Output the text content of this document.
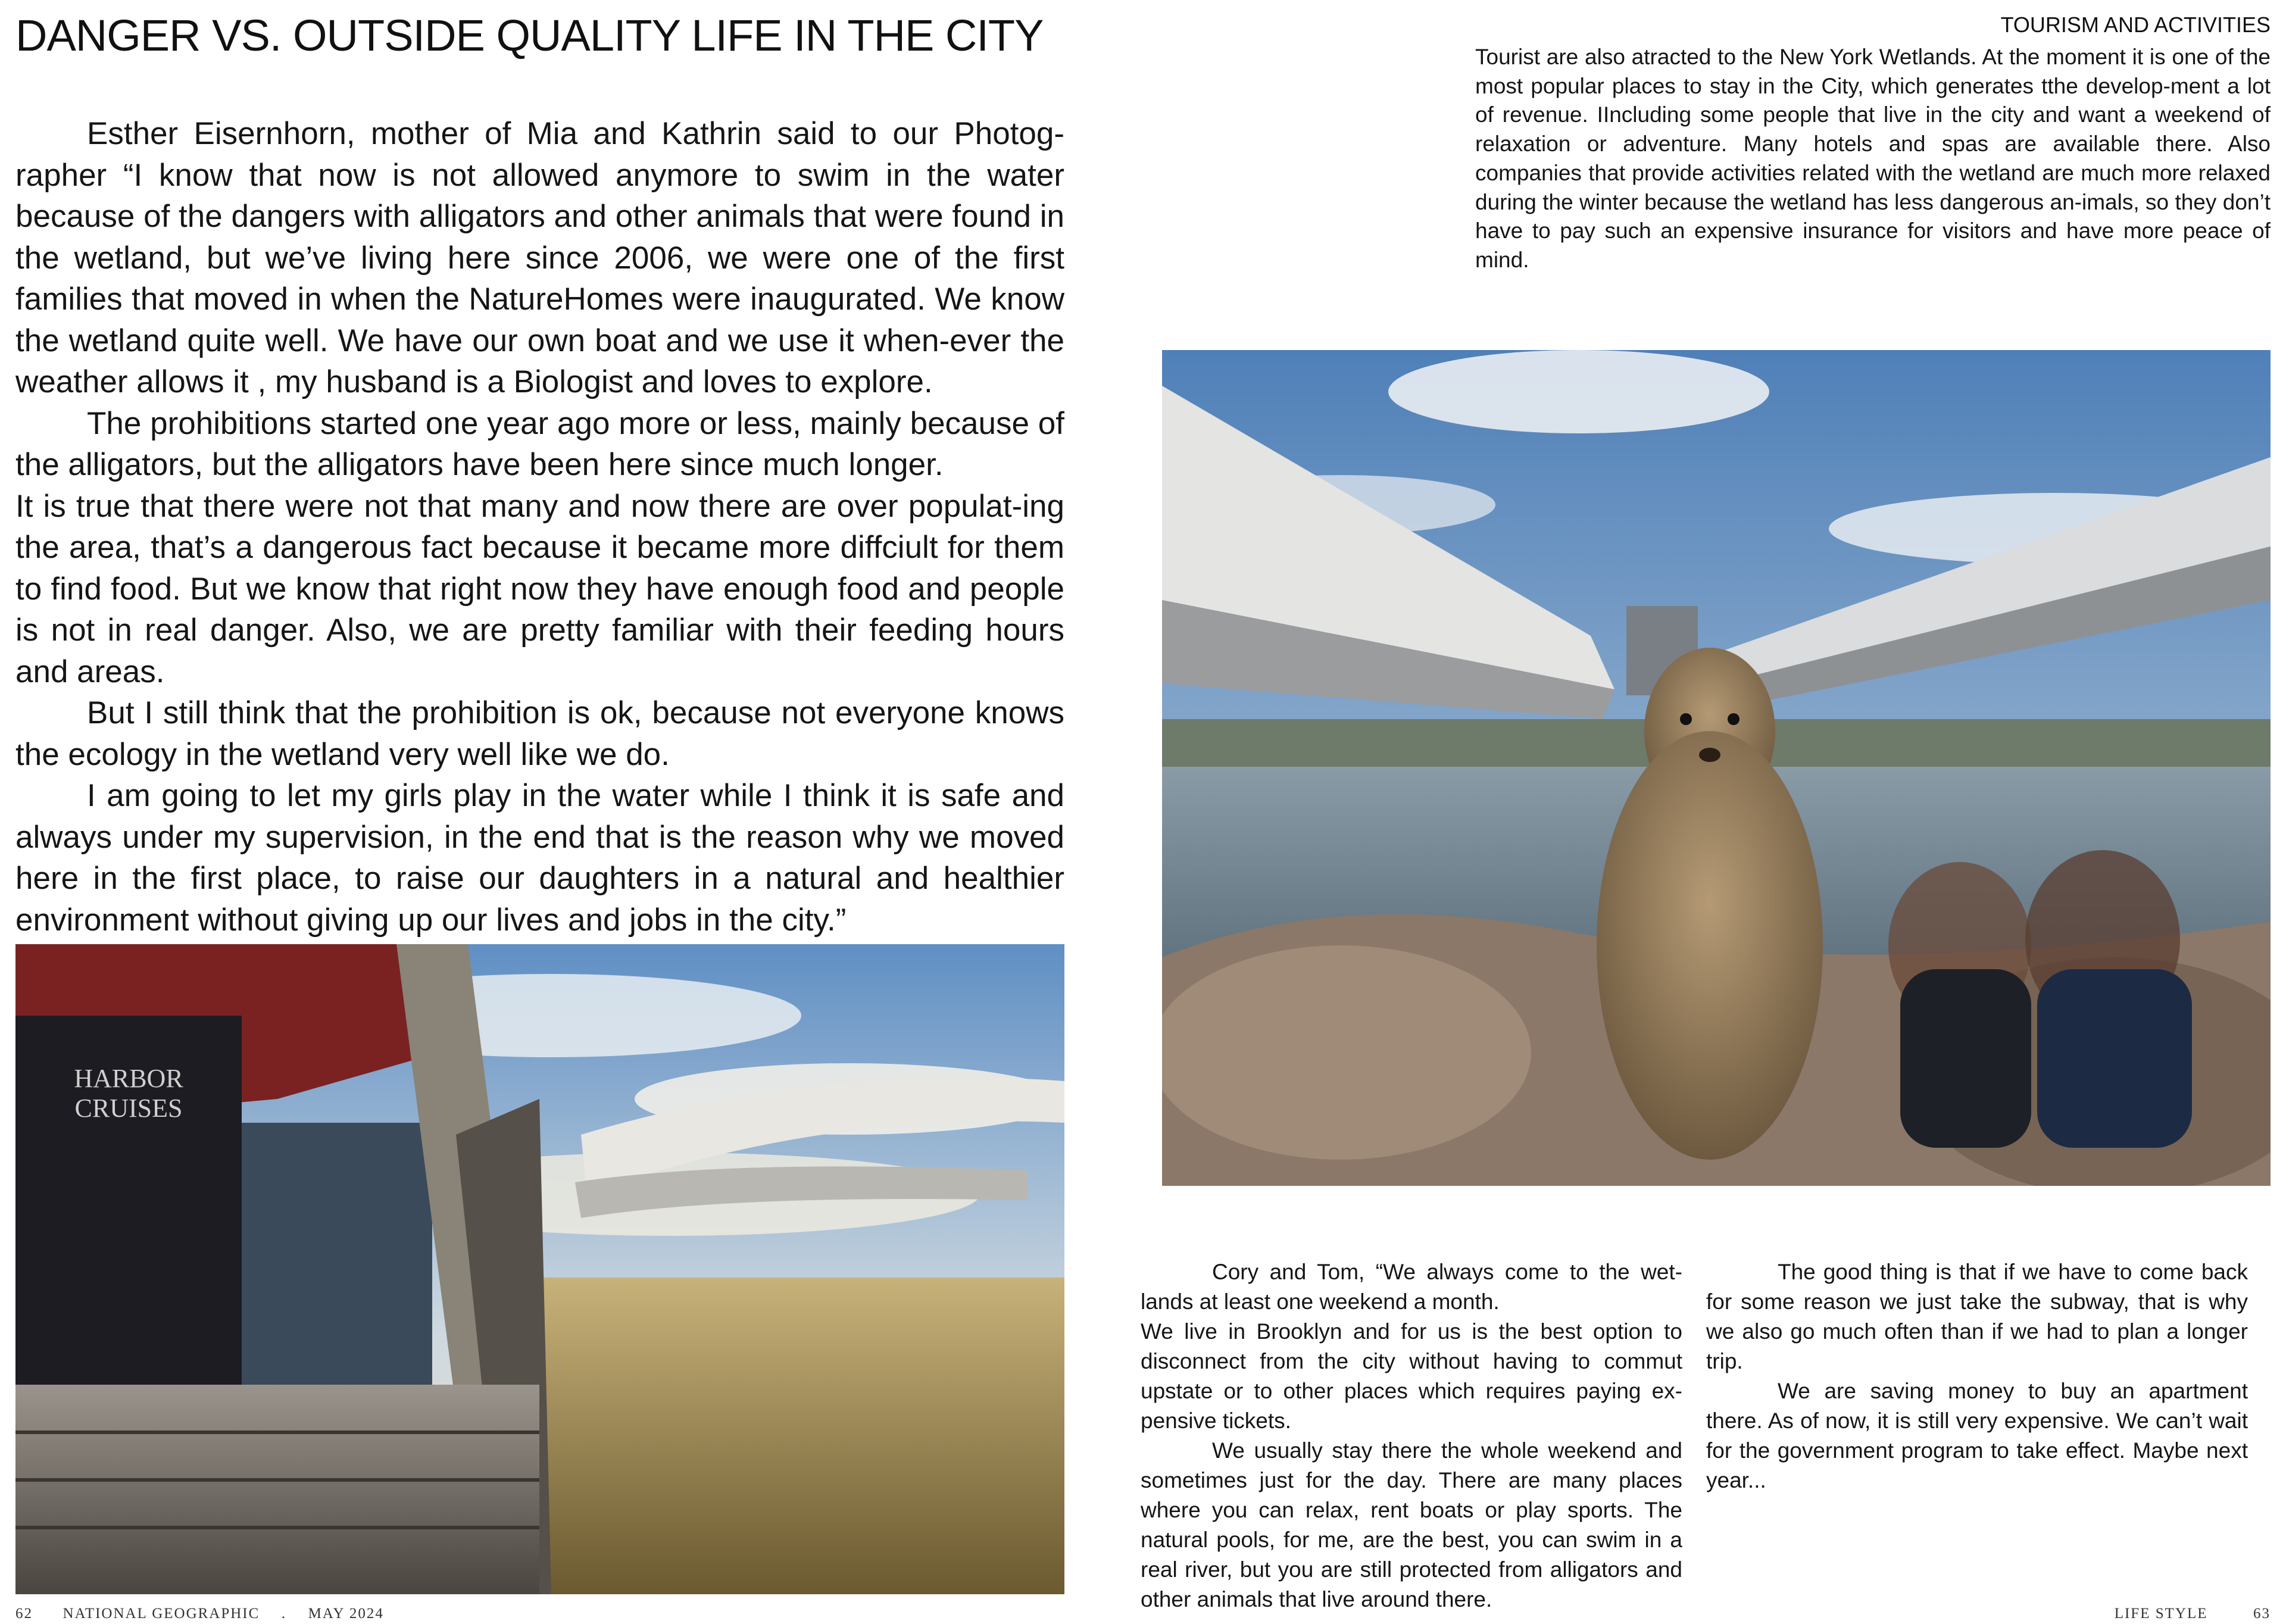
DANGER VS. OUTSIDE QUALITY LIFE IN THE CITY

Esther Eisernhorn, mother of Mia and Kathrin said to our Photog-rapher “I know that now is not allowed anymore to swim in the water because of the dangers with alligators and other animals that were found in the wetland, but we’ve living here since 2006, we were one of the first families that moved in when the NatureHomes were inaugurated. We know the wetland quite well. We have our own boat and we use it when-ever the weather allows it , my husband is a Biologist and loves to explore.

The prohibitions started one year ago more or less, mainly because of the alligators, but the alligators have been here since much longer.

It is true that there were not that many and now there are over populat-ing the area, that’s a dangerous fact because it became more diffciult for them to find food. But we know that right now they have enough food and people is not in real danger. Also, we are pretty familiar with their feeding hours and areas.

But I still think that the prohibition is ok, because not everyone knows the ecology in the wetland very well like we do.

I am going to let my girls play in the water while I think it is safe and always under my supervision, in the end that is the reason why we moved here in the first place, to raise our daughters in a natural and healthier environment without giving up our lives and jobs in the city.”

HARBOR
CRUISES
TOURISM AND ACTIVITIES
Tourist are also atracted to the New York Wetlands. At the moment it is one of the most popular places to stay in the City, which generates tthe develop-ment a lot of revenue. IIncluding some people that live in the city and want a weekend of relaxation or adventure. Many hotels and spas are available there. Also companies that provide activities related with the wetland are much more relaxed during the winter because the wetland has less dangerous an-imals, so they don’t have to pay such an expensive insurance for visitors and have more peace of mind.

Cory and Tom, “We always come to the wet-lands at least one weekend a month.

We live in Brooklyn and for us is the best option to disconnect from the city without having to commut upstate or to other places which requires paying ex-pensive tickets.

We usually stay there the whole weekend and sometimes just for the day. There are many places where you can relax, rent boats or play sports. The natural pools, for me, are the best, you can swim in a real river, but you are still protected from alligators and other animals that live around there.

The good thing is that if we have to come back for some reason we just take the subway, that is why we also go much often than if we had to plan a longer trip.

We are saving money to buy an apartment there. As of now, it is still very expensive. We can’t wait for the government program to take effect. Maybe next year...

62 NATIONAL GEOGRAPHIC . MAY 2024	LIFE STYLE	63
